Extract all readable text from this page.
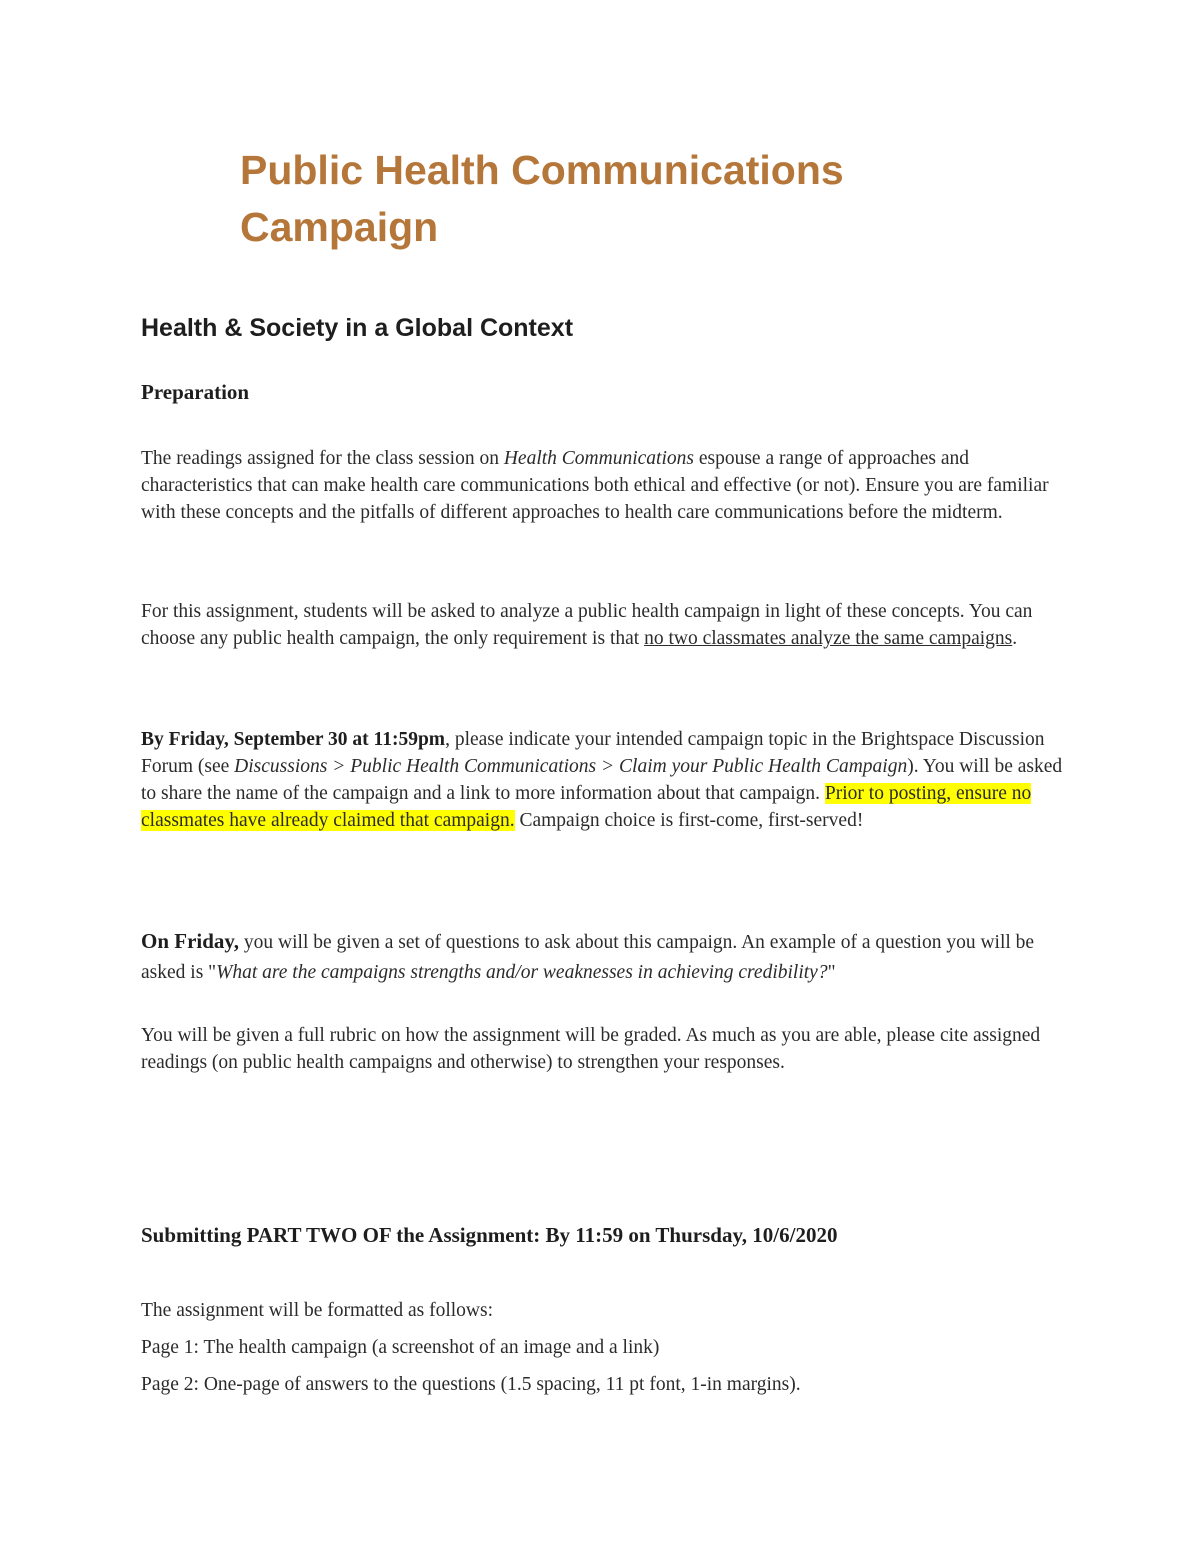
Public Health Communications Campaign
Health & Society in a Global Context
Preparation
The readings assigned for the class session on Health Communications espouse a range of approaches and characteristics that can make health care communications both ethical and effective (or not). Ensure you are familiar with these concepts and the pitfalls of different approaches to health care communications before the midterm.
For this assignment, students will be asked to analyze a public health campaign in light of these concepts. You can choose any public health campaign, the only requirement is that no two classmates analyze the same campaigns.
By Friday, September 30 at 11:59pm, please indicate your intended campaign topic in the Brightspace Discussion Forum (see Discussions > Public Health Communications > Claim your Public Health Campaign). You will be asked to share the name of the campaign and a link to more information about that campaign. Prior to posting, ensure no classmates have already claimed that campaign. Campaign choice is first-come, first-served!
On Friday, you will be given a set of questions to ask about this campaign. An example of a question you will be asked is "What are the campaigns strengths and/or weaknesses in achieving credibility?"
You will be given a full rubric on how the assignment will be graded. As much as you are able, please cite assigned readings (on public health campaigns and otherwise) to strengthen your responses.
Submitting PART TWO OF the Assignment: By 11:59 on Thursday, 10/6/2020
The assignment will be formatted as follows:
Page 1: The health campaign (a screenshot of an image and a link)
Page 2: One-page of answers to the questions (1.5 spacing, 11 pt font, 1-in margins).
